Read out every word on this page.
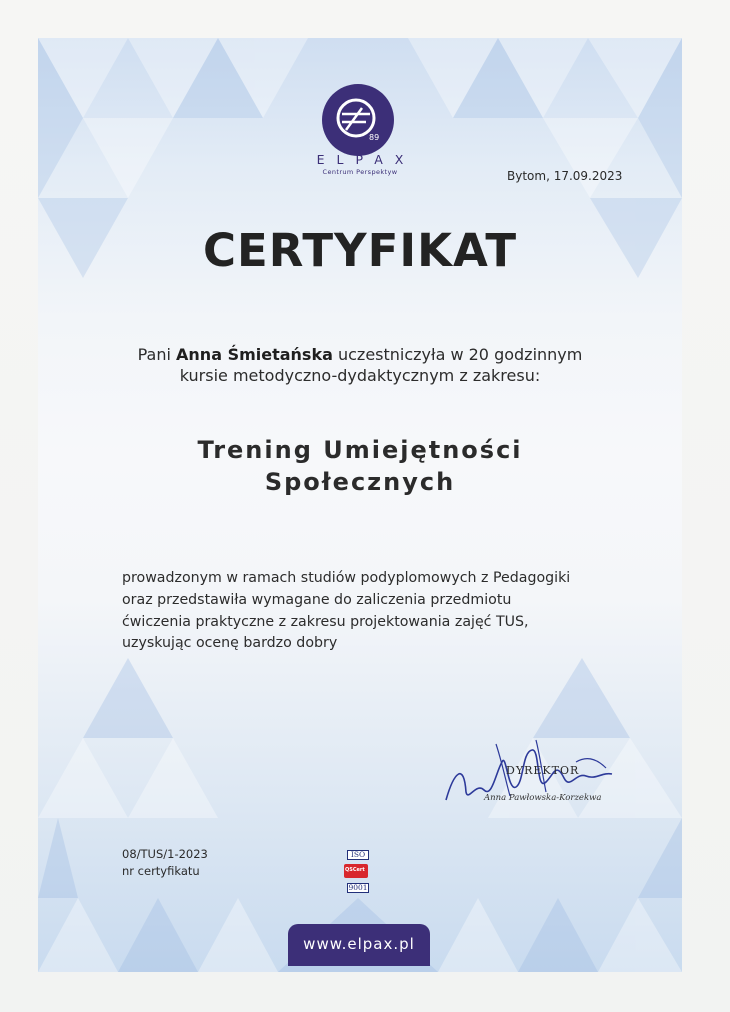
89
ELPAX
Centrum Perspektyw	Bytom, 17.09.2023
CERTYFIKAT
Pani Anna Śmietańska uczestniczyła w 20 godzinnym
kursie metodyczno-dydaktycznym z zakresu:
Trening Umiejętności
Społecznych
prowadzonym w ramach studiów podyplomowych z Pedagogiki
oraz przedstawiła wymagane do zaliczenia przedmiotu
ćwiczenia praktyczne z zakresu projektowania zajęć TUS,
uzyskując ocenę bardzo dobry
DYREKTOR
Anna Pawłowska-Korzekwa
08/TUS/1-2023
nr certyfikatu
ISO
QSCert
9001
www.elpax.pl
